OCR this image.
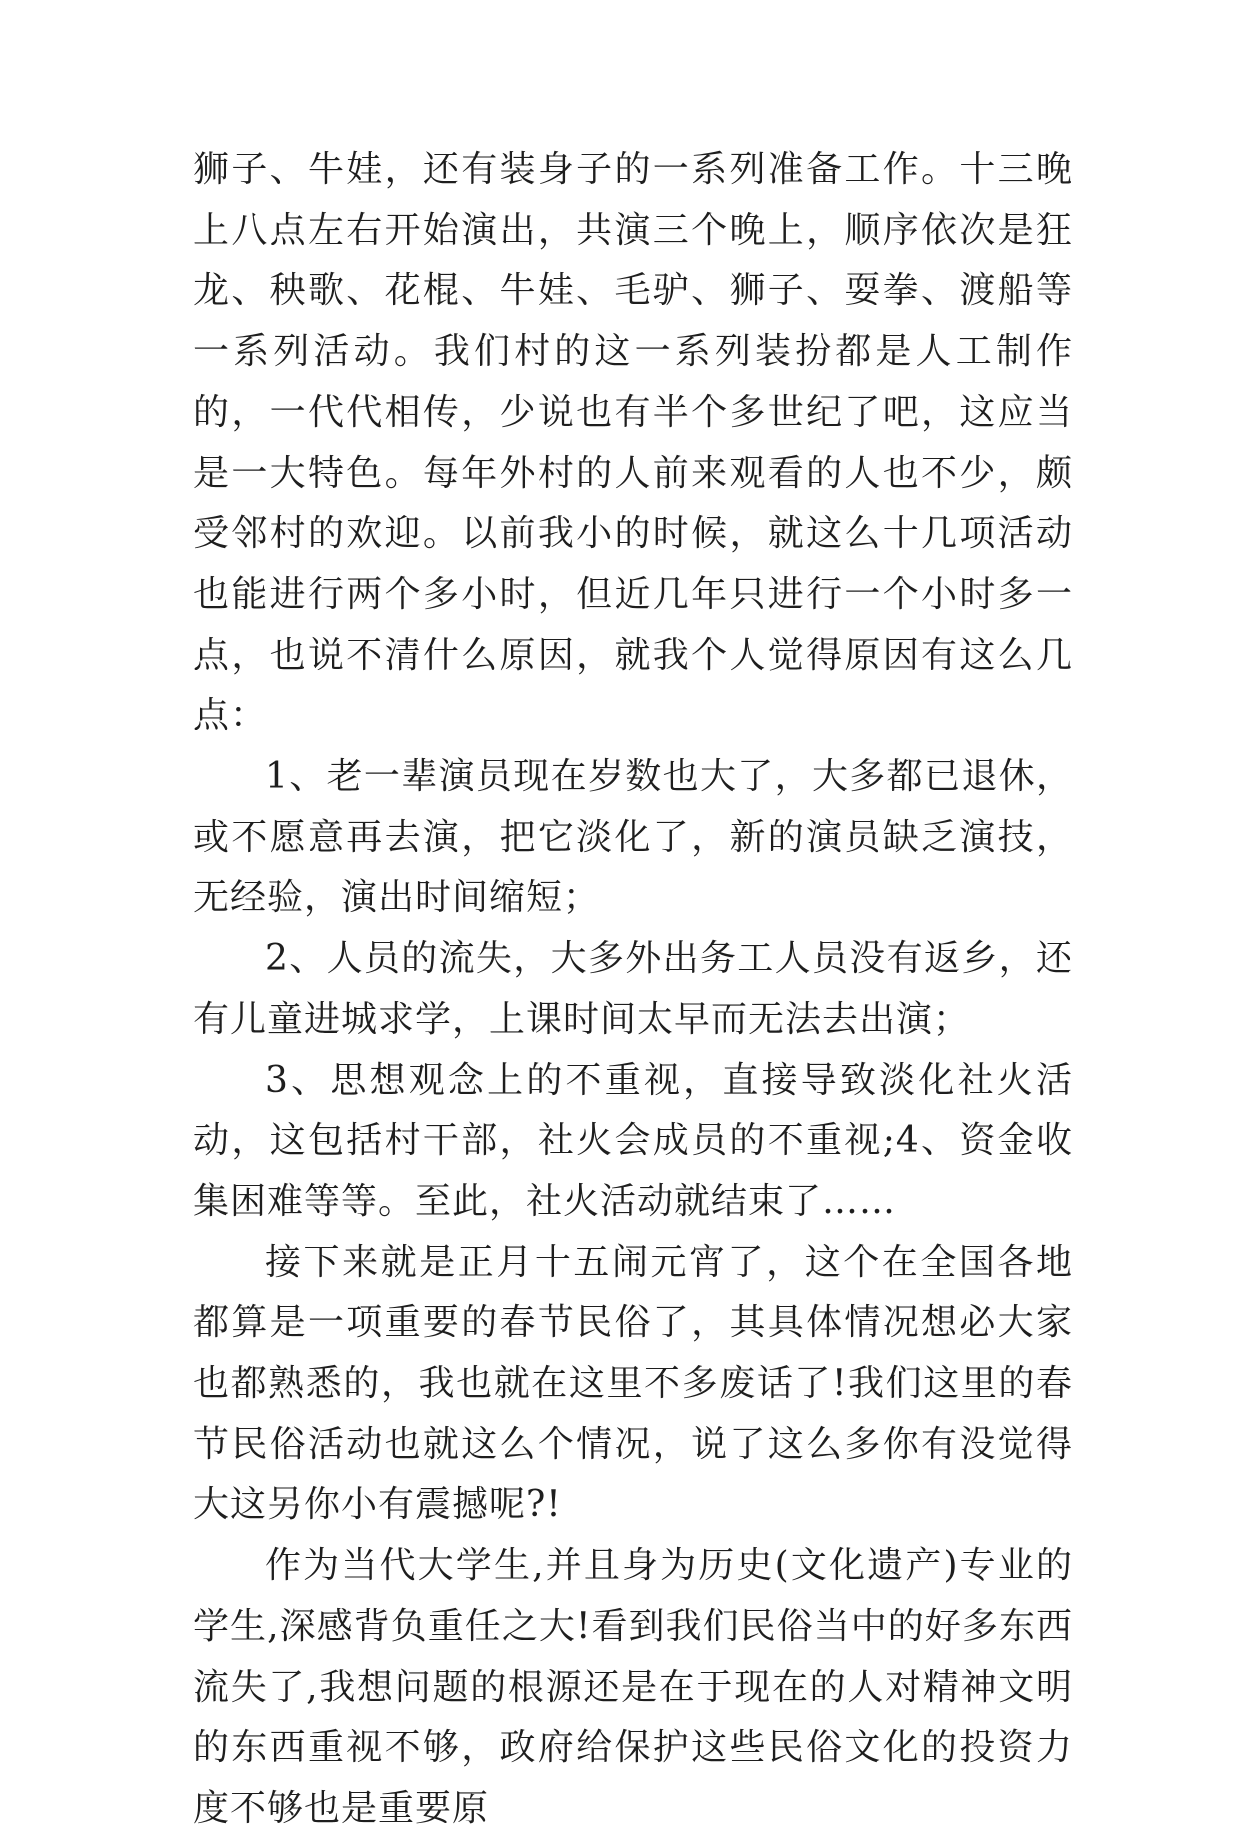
狮子、牛娃，还有装身子的一系列准备工作。十三晚上八点左右开始演出，共演三个晚上，顺序依次是狂龙、秧歌、花棍、牛娃、毛驴、狮子、耍拳、渡船等一系列活动。我们村的这一系列装扮都是人工制作的，一代代相传，少说也有半个多世纪了吧，这应当是一大特色。每年外村的人前来观看的人也不少，颇受邻村的欢迎。以前我小的时候，就这么十几项活动也能进行两个多小时，但近几年只进行一个小时多一点，也说不清什么原因，就我个人觉得原因有这么几点：

1、老一辈演员现在岁数也大了，大多都已退休，或不愿意再去演，把它淡化了，新的演员缺乏演技，无经验，演出时间缩短；

2、人员的流失，大多外出务工人员没有返乡，还有儿童进城求学，上课时间太早而无法去出演；

3、思想观念上的不重视，直接导致淡化社火活动，这包括村干部，社火会成员的不重视;4、资金收集困难等等。至此，社火活动就结束了……

接下来就是正月十五闹元宵了，这个在全国各地都算是一项重要的春节民俗了，其具体情况想必大家也都熟悉的，我也就在这里不多废话了!我们这里的春节民俗活动也就这么个情况，说了这么多你有没觉得大这另你小有震撼呢?!

作为当代大学生,并且身为历史(文化遗产)专业的学生,深感背负重任之大!看到我们民俗当中的好多东西流失了,我想问题的根源还是在于现在的人对精神文明的东西重视不够，政府给保护这些民俗文化的投资力度不够也是重要原
